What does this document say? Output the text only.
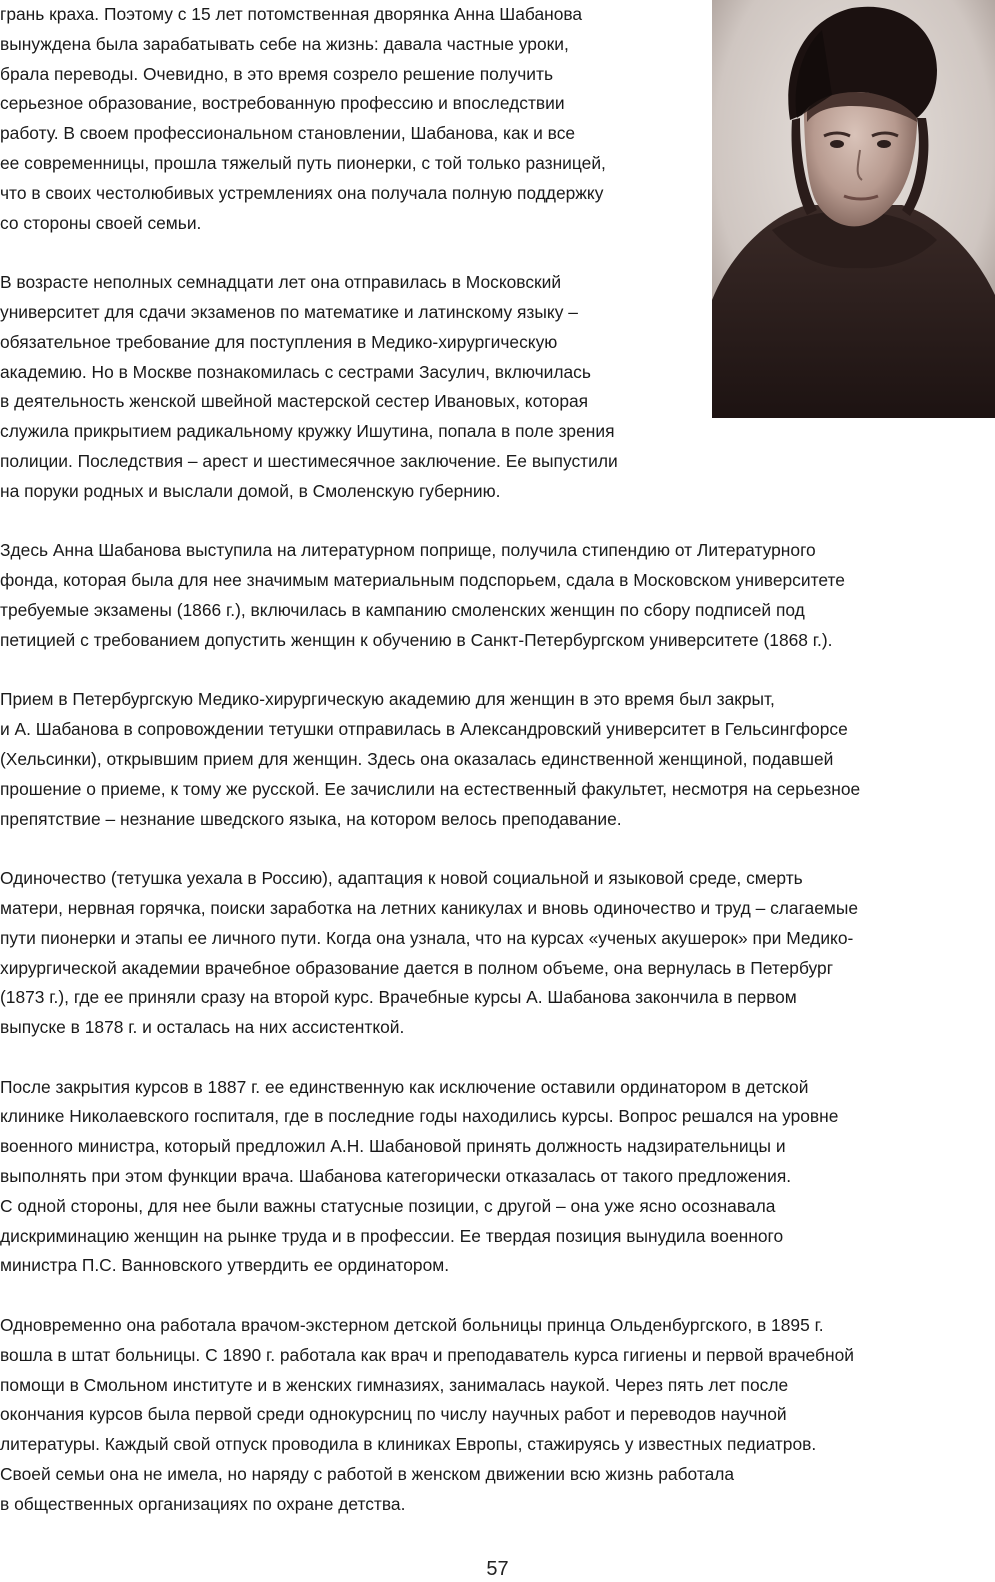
грань краха. Поэтому с 15 лет потомственная дворянка Анна Шабанова
вынуждена была зарабатывать себе на жизнь: давала частные уроки,
брала переводы. Очевидно, в это время созрело решение получить
серьезное образование, востребованную профессию и впоследствии
работу. В своем профессиональном становлении, Шабанова, как и все
ее современницы, прошла тяжелый путь пионерки, с той только разницей,
что в своих честолюбивых устремлениях она получала полную поддержку
со стороны своей семьи.
В возрасте неполных семнадцати лет она отправилась в Московский
университет для сдачи экзаменов по математике и латинскому языку –
обязательное требование для поступления в Медико-хирургическую
академию. Но в Москве познакомилась с сестрами Засулич, включилась
в деятельность женской швейной мастерской сестер Ивановых, которая
служила прикрытием радикальному кружку Ишутина, попала в поле зрения
полиции. Последствия – арест и шестимесячное заключение. Ее выпустили
на поруки родных и выслали домой, в Смоленскую губернию.
Здесь Анна Шабанова выступила на литературном поприще, получила стипендию от Литературного
фонда, которая была для нее значимым материальным подспорьем, сдала в Московском университете
требуемые экзамены (1866 г.), включилась в кампанию смоленских женщин по сбору подписей под
петицией с требованием допустить женщин к обучению в Санкт-Петербургском университете (1868 г.).
Прием в Петербургскую Медико-хирургическую академию для женщин в это время был закрыт,
и А. Шабанова в сопровождении тетушки отправилась в Александровский университет в Гельсингфорсе
(Хельсинки), открывшим прием для женщин. Здесь она оказалась единственной женщиной, подавшей
прошение о приеме, к тому же русской. Ее зачислили на естественный факультет, несмотря на серьезное
препятствие – незнание шведского языка, на котором велось преподавание.
Одиночество (тетушка уехала в Россию), адаптация к новой социальной и языковой среде, смерть
матери, нервная горячка, поиски заработка на летних каникулах и вновь одиночество и труд – слагаемые
пути пионерки и этапы ее личного пути. Когда она узнала, что на курсах «ученых акушерок» при Медико-
хирургической академии врачебное образование дается в полном объеме, она вернулась в Петербург
(1873 г.), где ее приняли сразу на второй курс. Врачебные курсы А. Шабанова закончила в первом
выпуске в 1878 г. и осталась на них ассистенткой.
После закрытия курсов в 1887 г. ее единственную как исключение оставили ординатором в детской
клинике Николаевского госпиталя, где в последние годы находились курсы. Вопрос решался на уровне
военного министра, который предложил А.Н. Шабановой принять должность надзирательницы и
выполнять при этом функции врача. Шабанова категорически отказалась от такого предложения.
С одной стороны, для нее были важны статусные позиции, с другой – она уже ясно осознавала
дискриминацию женщин на рынке труда и в профессии. Ее твердая позиция вынудила военного
министра П.С. Ванновского утвердить ее ординатором.
Одновременно она работала врачом-экстерном детской больницы принца Ольденбургского, в 1895 г.
вошла в штат больницы. С 1890 г. работала как врач и преподаватель курса гигиены и первой врачебной
помощи в Смольном институте и в женских гимназиях, занималась наукой. Через пять лет после
окончания курсов была первой среди однокурсниц по числу научных работ и переводов научной
литературы. Каждый свой отпуск проводила в клиниках Европы, стажируясь у известных педиатров.
Своей семьи она не имела, но наряду с работой в женском движении всю жизнь работала
в общественных организациях по охране детства.
57
